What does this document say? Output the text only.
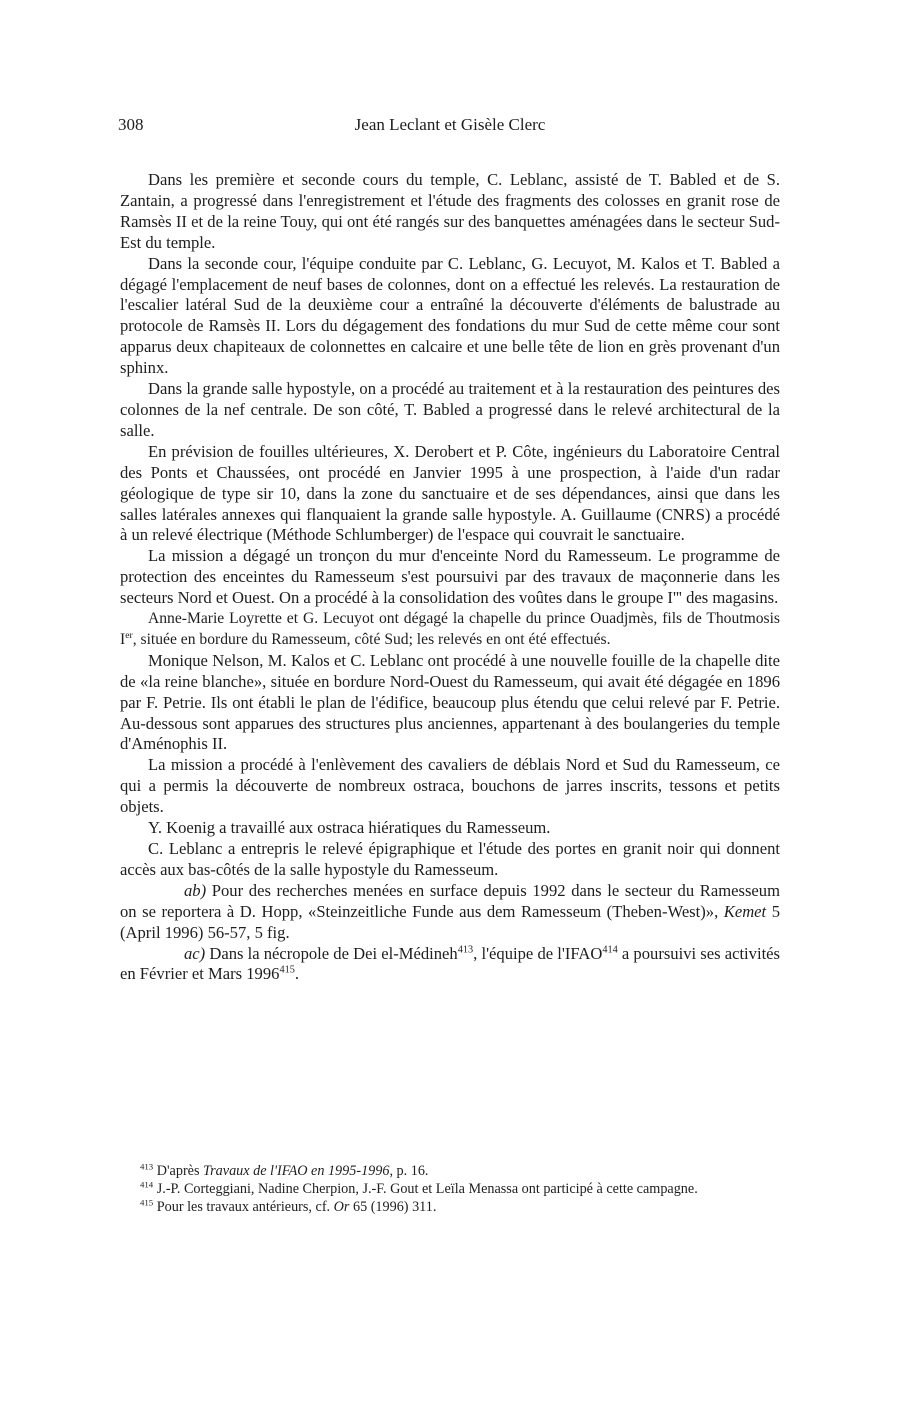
308	Jean Leclant et Gisèle Clerc

Dans les première et seconde cours du temple, C. Leblanc, assisté de T. Babled et de S. Zantain, a progressé dans l'enregistrement et l'étude des fragments des colosses en granit rose de Ramsès II et de la reine Touy, qui ont été rangés sur des banquettes aménagées dans le secteur Sud-Est du temple.

Dans la seconde cour, l'équipe conduite par C. Leblanc, G. Lecuyot, M. Kalos et T. Babled a dégagé l'emplacement de neuf bases de colonnes, dont on a effectué les relevés. La restauration de l'escalier latéral Sud de la deuxième cour a entraîné la découverte d'éléments de balustrade au protocole de Ramsès II. Lors du dégagement des fondations du mur Sud de cette même cour sont apparus deux chapiteaux de colonnettes en calcaire et une belle tête de lion en grès provenant d'un sphinx.

Dans la grande salle hypostyle, on a procédé au traitement et à la restauration des peintures des colonnes de la nef centrale. De son côté, T. Babled a progressé dans le relevé architectural de la salle.

En prévision de fouilles ultérieures, X. Derobert et P. Côte, ingénieurs du Laboratoire Central des Ponts et Chaussées, ont procédé en Janvier 1995 à une prospection, à l'aide d'un radar géologique de type sir 10, dans la zone du sanctuaire et de ses dépendances, ainsi que dans les salles latérales annexes qui flanquaient la grande salle hypostyle. A. Guillaume (CNRS) a procédé à un relevé électrique (Méthode Schlumberger) de l'espace qui couvrait le sanctuaire.

La mission a dégagé un tronçon du mur d'enceinte Nord du Ramesseum. Le programme de protection des enceintes du Ramesseum s'est poursuivi par des travaux de maçonnerie dans les secteurs Nord et Ouest. On a procédé à la consolidation des voûtes dans le groupe I''' des magasins.

Anne-Marie Loyrette et G. Lecuyot ont dégagé la chapelle du prince Ouadjmès, fils de Thoutmosis Ier, située en bordure du Ramesseum, côté Sud; les relevés en ont été effectués.

Monique Nelson, M. Kalos et C. Leblanc ont procédé à une nouvelle fouille de la chapelle dite de «la reine blanche», située en bordure Nord-Ouest du Ramesseum, qui avait été dégagée en 1896 par F. Petrie. Ils ont établi le plan de l'édifice, beaucoup plus étendu que celui relevé par F. Petrie. Au-dessous sont apparues des structures plus anciennes, appartenant à des boulangeries du temple d'Aménophis II.

La mission a procédé à l'enlèvement des cavaliers de déblais Nord et Sud du Ramesseum, ce qui a permis la découverte de nombreux ostraca, bouchons de jarres inscrits, tessons et petits objets.

Y. Koenig a travaillé aux ostraca hiératiques du Ramesseum.

C. Leblanc a entrepris le relevé épigraphique et l'étude des portes en granit noir qui donnent accès aux bas-côtés de la salle hypostyle du Ramesseum.

ab) Pour des recherches menées en surface depuis 1992 dans le secteur du Ramesseum on se reportera à D. Hopp, «Steinzeitliche Funde aus dem Ramesseum (Theben-West)», Kemet 5 (April 1996) 56-57, 5 fig.

ac) Dans la nécropole de Dei el-Médineh$^{413}$, l'équipe de l'IFAO$^{414}$ a poursuivi ses activités en Février et Mars 1996$^{415}$.

$^{413}$ D'après Travaux de l'IFAO en 1995-1996, p. 16.

$^{414}$ J.-P. Corteggiani, Nadine Cherpion, J.-F. Gout et Leïla Menassa ont participé à cette campagne.

$^{415}$ Pour les travaux antérieurs, cf. Or 65 (1996) 311.
